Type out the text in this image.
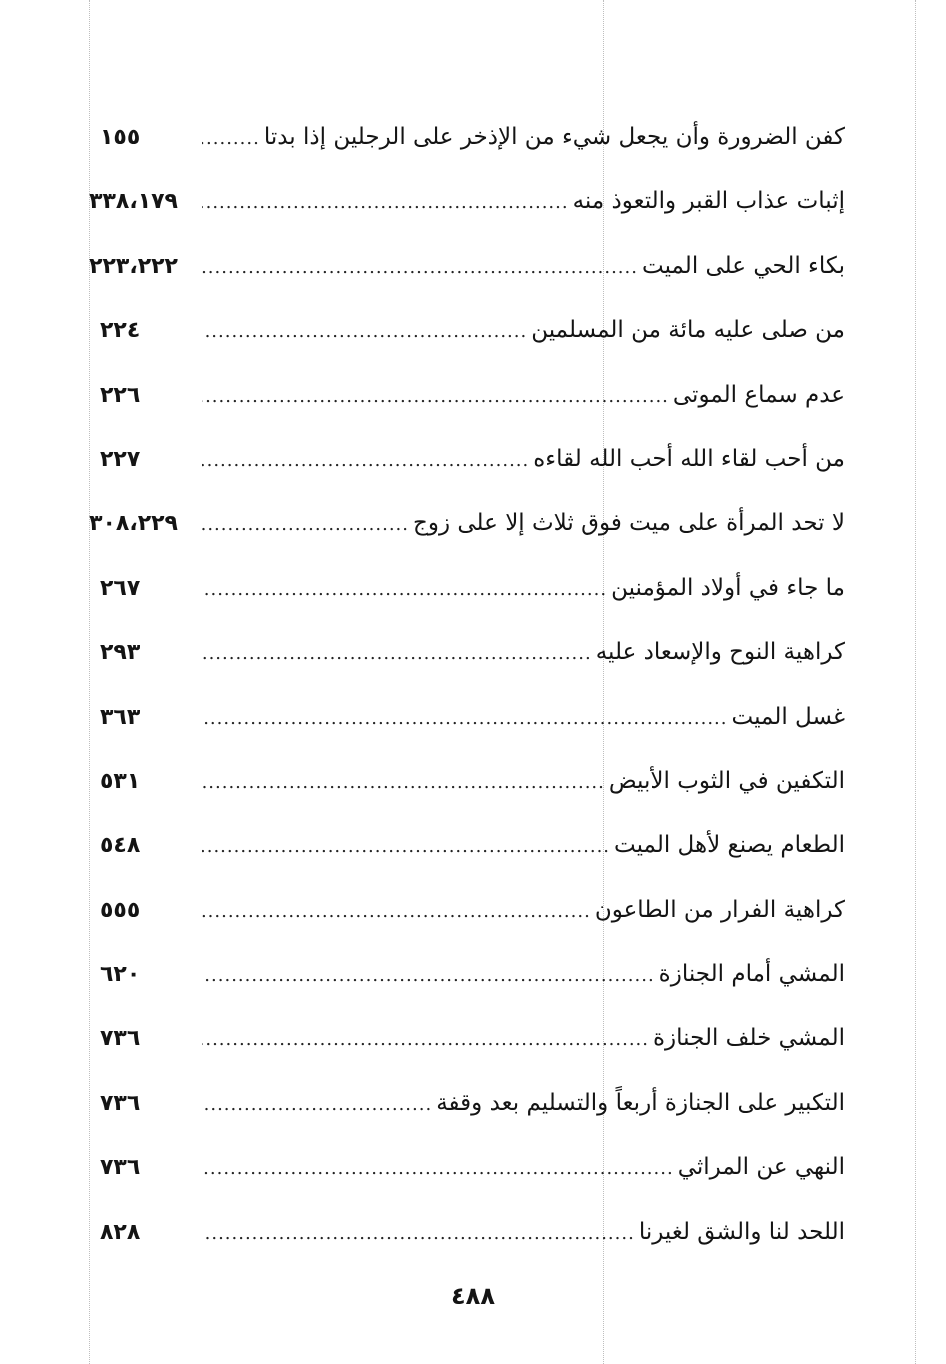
كفن الضرورة وأن يجعل شيء من الإذخر على الرجلين إذا بدتا
.....
١٥٥
إثبات عذاب القبر والتعوذ منه
.....
٣٣٨،١٧٩
بكاء الحي على الميت
.....
٢٢٣،٢٢٢
من صلى عليه مائة من المسلمين
.....
٢٢٤
عدم سماع الموتى
.....
٢٢٦
من أحب لقاء الله أحب الله لقاءه
.....
٢٢٧
لا تحد المرأة على ميت فوق ثلاث إلا على زوج
.....
٣٠٨،٢٢٩
ما جاء في أولاد المؤمنين
.....
٢٦٧
كراهية النوح والإسعاد عليه
.....
٢٩٣
غسل الميت
.....
٣٦٣
التكفين في الثوب الأبيض
.....
٥٣١
الطعام يصنع لأهل الميت
.....
٥٤٨
كراهية الفرار من الطاعون
.....
٥٥٥
المشي أمام الجنازة
.....
٦٢٠
المشي خلف الجنازة
.....
٧٣٦
التكبير على الجنازة أربعاً والتسليم بعد وقفة
.....
٧٣٦
النهي عن المراثي
.....
٧٣٦
اللحد لنا والشق لغيرنا
.....
٨٢٨
٤٨٨
